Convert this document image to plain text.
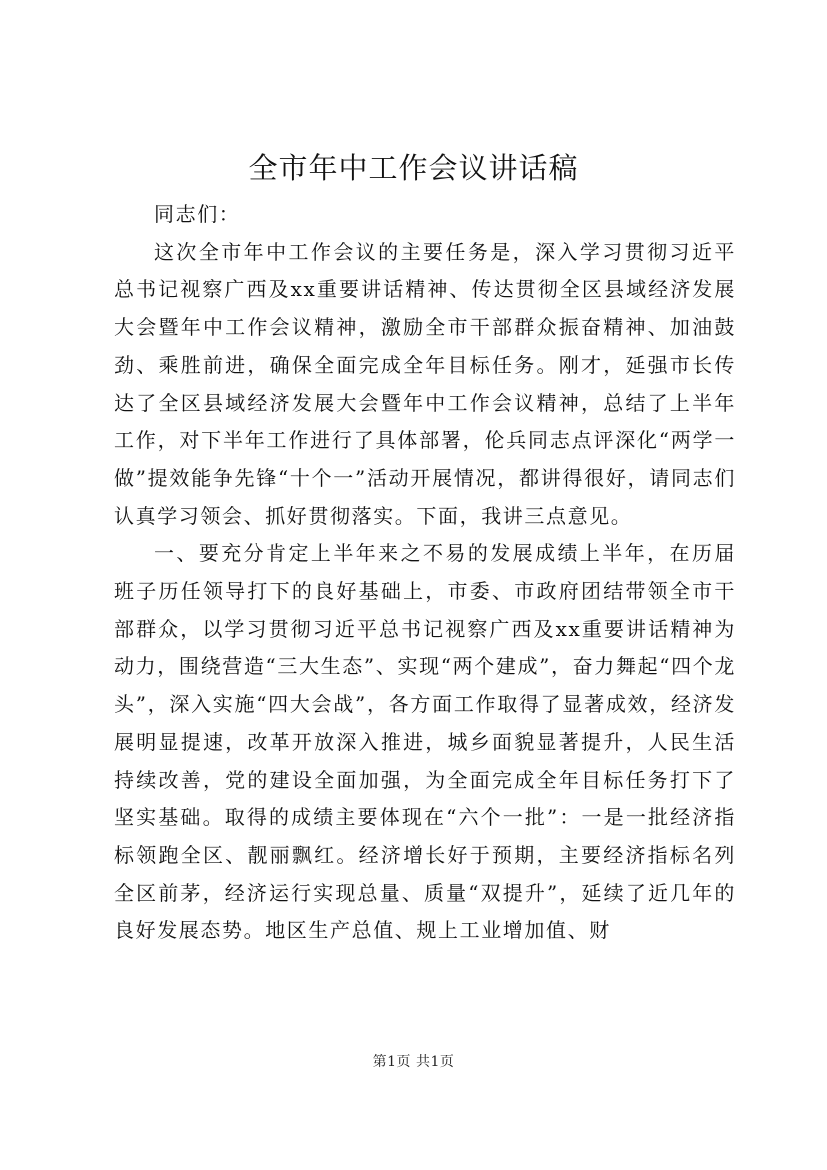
全市年中工作会议讲话稿

同志们：

这次全市年中工作会议的主要任务是，深入学习贯彻习近平总书记视察广西及xx重要讲话精神、传达贯彻全区县域经济发展大会暨年中工作会议精神，激励全市干部群众振奋精神、加油鼓劲、乘胜前进，确保全面完成全年目标任务。刚才，延强市长传达了全区县域经济发展大会暨年中工作会议精神，总结了上半年工作，对下半年工作进行了具体部署，伦兵同志点评深化“两学一做”提效能争先锋“十个一”活动开展情况，都讲得很好，请同志们认真学习领会、抓好贯彻落实。下面，我讲三点意见。

一、要充分肯定上半年来之不易的发展成绩上半年，在历届班子历任领导打下的良好基础上，市委、市政府团结带领全市干部群众，以学习贯彻习近平总书记视察广西及xx重要讲话精神为动力，围绕营造“三大生态”、实现“两个建成”，奋力舞起“四个龙头”，深入实施“四大会战”，各方面工作取得了显著成效，经济发展明显提速，改革开放深入推进，城乡面貌显著提升，人民生活持续改善，党的建设全面加强，为全面完成全年目标任务打下了坚实基础。取得的成绩主要体现在“六个一批”：一是一批经济指标领跑全区、靓丽飘红。经济增长好于预期，主要经济指标名列全区前茅，经济运行实现总量、质量“双提升”，延续了近几年的良好发展态势。地区生产总值、规上工业增加值、财

第1页 共1页
